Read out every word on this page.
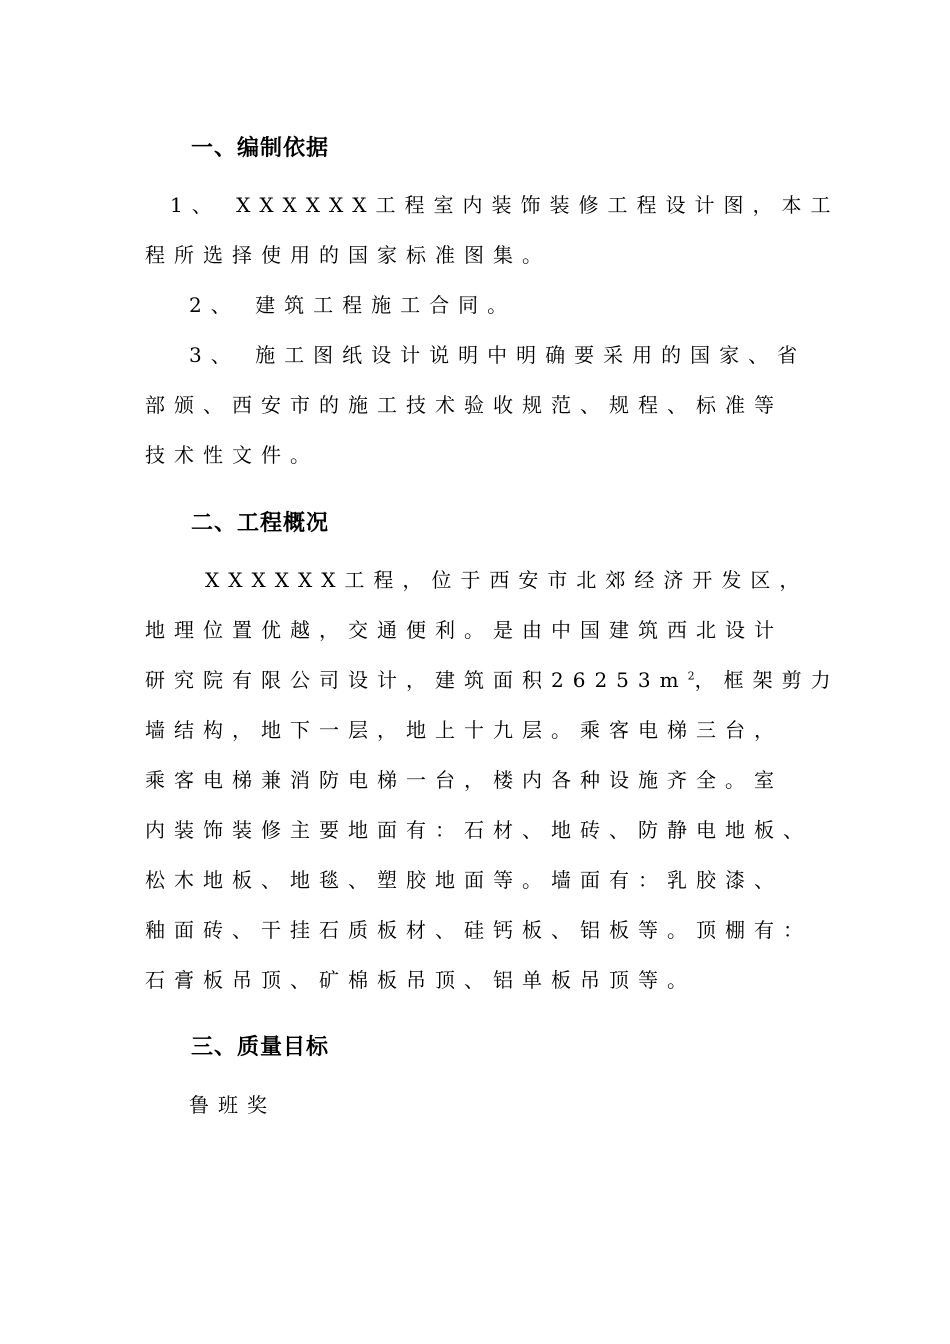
一、编制依据
1、 XXXXXX工程室内装饰装修工程设计图，本工
程所选择使用的国家标准图集。
2、 建筑工程施工合同。
3、 施工图纸设计说明中明确要采用的国家、省
部颁、西安市的施工技术验收规范、规程、标准等
技术性文件。
二、工程概况
XXXXXX工程，位于西安市北郊经济开发区，
地理位置优越，交通便利。是由中国建筑西北设计
研究院有限公司设计，建筑面积$26253m^2$，框架剪力
墙结构，地下一层，地上十九层。乘客电梯三台，
乘客电梯兼消防电梯一台，楼内各种设施齐全。室
内装饰装修主要地面有：石材、地砖、防静电地板、
松木地板、地毯、塑胶地面等。墙面有：乳胶漆、
釉面砖、干挂石质板材、硅钙板、铝板等。顶棚有：
石膏板吊顶、矿棉板吊顶、铝单板吊顶等。
三、质量目标
鲁班奖
